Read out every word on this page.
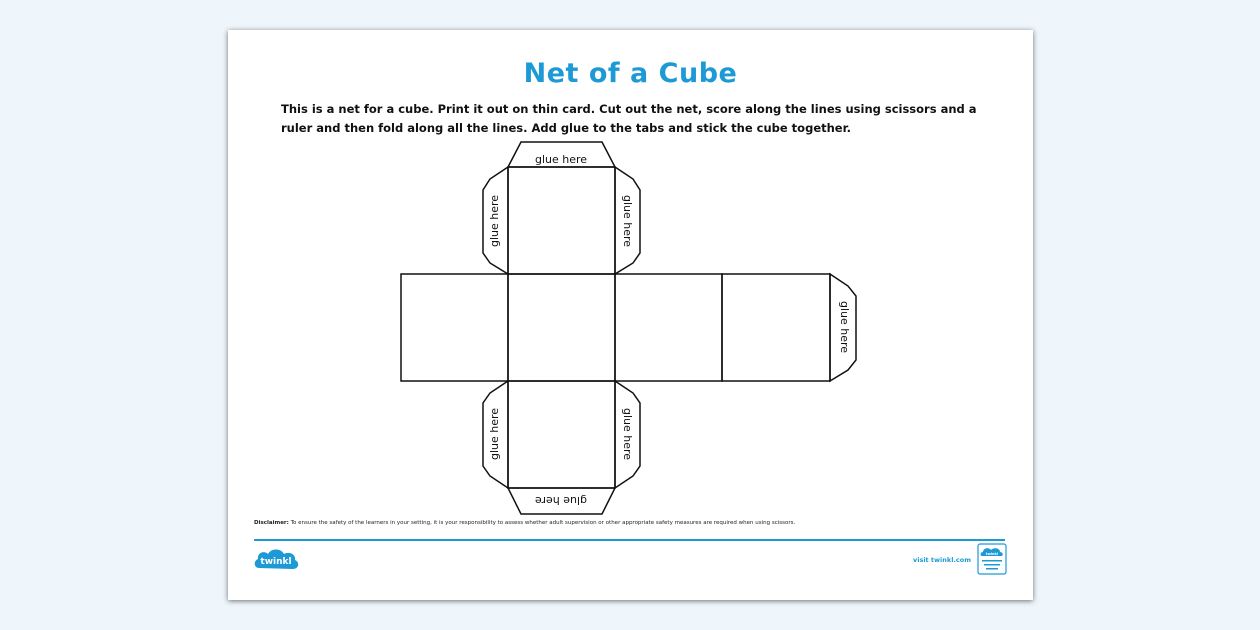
Net of a Cube
This is a net for a cube. Print it out on thin card. Cut out the net, score along the lines using scissors and a ruler and then fold along all the lines. Add glue to the tabs and stick the cube together.
glue here
glue here	glue here
glue here
glue here	glue here
glue here
Disclaimer: To ensure the safety of the learners in your setting, it is your responsibility to assess whether adult supervision or other appropriate safety measures are required when using scissors.
twinkl	visit twinkl.com
twinkl
